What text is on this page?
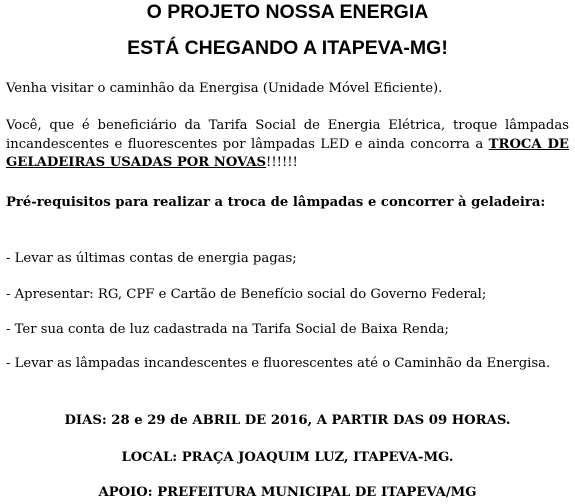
O PROJETO NOSSA ENERGIA
ESTÁ CHEGANDO A ITAPEVA-MG!

Venha visitar o caminhão da Energisa (Unidade Móvel Eficiente).

Você, que é beneficiário da Tarifa Social de Energia Elétrica, troque lâmpadas incandescentes e fluorescentes por lâmpadas LED e ainda concorra a TROCA DE GELADEIRAS USADAS POR NOVAS!!!!!!

Pré-requisitos para realizar a troca de lâmpadas e concorrer à geladeira:

- Levar as últimas contas de energia pagas;

- Apresentar: RG, CPF e Cartão de Benefício social do Governo Federal;

- Ter sua conta de luz cadastrada na Tarifa Social de Baixa Renda;

- Levar as lâmpadas incandescentes e fluorescentes até o Caminhão da Energisa.

DIAS: 28 e 29 de ABRIL DE 2016, A PARTIR DAS 09 HORAS.

LOCAL: PRAÇA JOAQUIM LUZ, ITAPEVA-MG.

APOIO: PREFEITURA MUNICIPAL DE ITAPEVA/MG
